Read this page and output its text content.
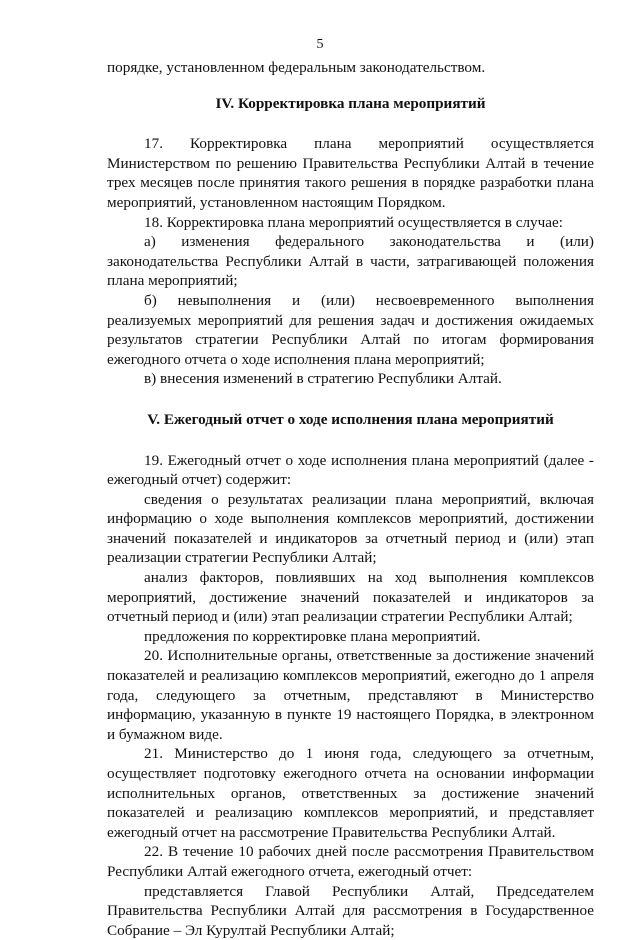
5

порядке, установленном федеральным законодательством.

IV. Корректировка плана мероприятий

17. Корректировка плана мероприятий осуществляется Министерством по решению Правительства Республики Алтай в течение трех месяцев после принятия такого решения в порядке разработки плана мероприятий, установленном настоящим Порядком.

18. Корректировка плана мероприятий осуществляется в случае:

а) изменения федерального законодательства и (или) законодательства Республики Алтай в части, затрагивающей положения плана мероприятий;

б) невыполнения и (или) несвоевременного выполнения реализуемых мероприятий для решения задач и достижения ожидаемых результатов стратегии Республики Алтай по итогам формирования ежегодного отчета о ходе исполнения плана мероприятий;

в) внесения изменений в стратегию Республики Алтай.

V. Ежегодный отчет о ходе исполнения плана мероприятий

19. Ежегодный отчет о ходе исполнения плана мероприятий (далее - ежегодный отчет) содержит:

сведения о результатах реализации плана мероприятий, включая информацию о ходе выполнения комплексов мероприятий, достижении значений показателей и индикаторов за отчетный период и (или) этап реализации стратегии Республики Алтай;

анализ факторов, повлиявших на ход выполнения комплексов мероприятий, достижение значений показателей и индикаторов за отчетный период и (или) этап реализации стратегии Республики Алтай;

предложения по корректировке плана мероприятий.

20. Исполнительные органы, ответственные за достижение значений показателей и реализацию комплексов мероприятий, ежегодно до 1 апреля года, следующего за отчетным, представляют в Министерство информацию, указанную в пункте 19 настоящего Порядка, в электронном и бумажном виде.

21. Министерство до 1 июня года, следующего за отчетным, осуществляет подготовку ежегодного отчета на основании информации исполнительных органов, ответственных за достижение значений показателей и реализацию комплексов мероприятий, и представляет ежегодный отчет на рассмотрение Правительства Республики Алтай.

22. В течение 10 рабочих дней после рассмотрения Правительством Республики Алтай ежегодного отчета, ежегодный отчет:

представляется Главой Республики Алтай, Председателем Правительства Республики Алтай для рассмотрения в Государственное Собрание – Эл Курултай Республики Алтай;
